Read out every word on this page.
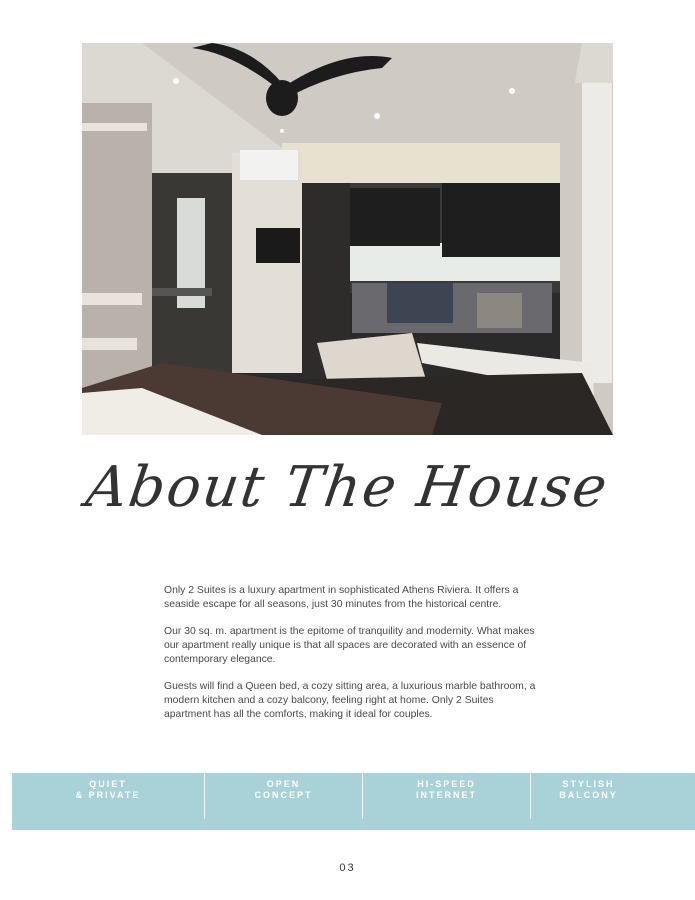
About The House

Only 2 Suites is a luxury apartment in sophisticated Athens Riviera. It offers a seaside escape for all seasons, just 30 minutes from the historical centre.

Our 30 sq. m. apartment is the epitome of tranquility and modernity. What makes our apartment really unique is that all spaces are decorated with an essence of contemporary elegance.

Guests will find a Queen bed, a cozy sitting area, a luxurious marble bathroom, a modern kitchen and a cozy balcony, feeling right at home. Only 2 Suites apartment has all the comforts, making it ideal for couples.

QUIET
& PRIVATE
OPEN
CONCEPT
HI-SPEED
INTERNET
STYLISH
BALCONY
03
